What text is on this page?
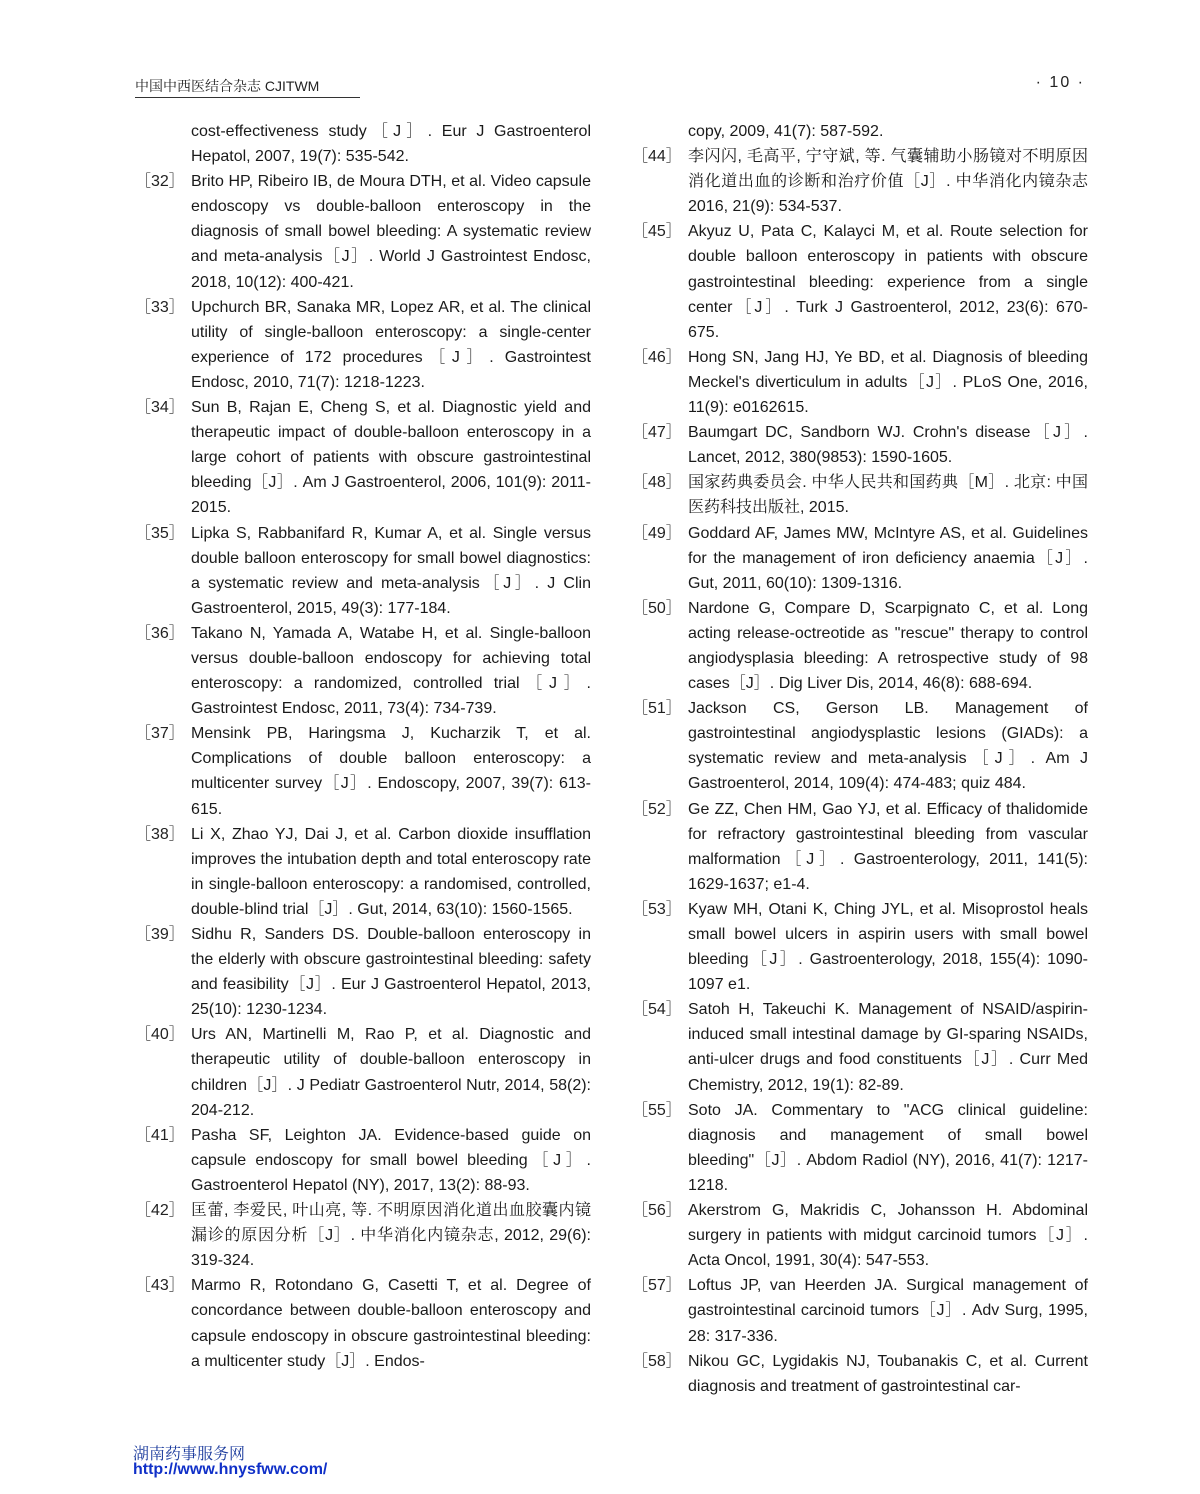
中国中西医结合杂志 CJITWM	· 10 ·
cost-effectiveness study［J］. Eur J Gastroenterol Hepatol, 2007, 19(7): 535-542.
［32］ Brito HP, Ribeiro IB, de Moura DTH, et al. Video capsule endoscopy vs double-balloon enteroscopy in the diagnosis of small bowel bleeding: A systematic review and meta-analysis［J］. World J Gastrointest Endosc, 2018, 10(12): 400-421.
［33］ Upchurch BR, Sanaka MR, Lopez AR, et al. The clinical utility of single-balloon enteroscopy: a single-center experience of 172 procedures［J］. Gastrointest Endosc, 2010, 71(7): 1218-1223.
［34］ Sun B, Rajan E, Cheng S, et al. Diagnostic yield and therapeutic impact of double-balloon enteroscopy in a large cohort of patients with obscure gastrointestinal bleeding［J］. Am J Gastroenterol, 2006, 101(9): 2011-2015.
［35］ Lipka S, Rabbanifard R, Kumar A, et al. Single versus double balloon enteroscopy for small bowel diagnostics: a systematic review and meta-analysis［J］. J Clin Gastroenterol, 2015, 49(3): 177-184.
［36］ Takano N, Yamada A, Watabe H, et al. Single-balloon versus double-balloon endoscopy for achieving total enteroscopy: a randomized, controlled trial［J］. Gastrointest Endosc, 2011, 73(4): 734-739.
［37］ Mensink PB, Haringsma J, Kucharzik T, et al. Complications of double balloon enteroscopy: a multicenter survey［J］. Endoscopy, 2007, 39(7): 613-615.
［38］ Li X, Zhao YJ, Dai J, et al. Carbon dioxide insufflation improves the intubation depth and total enteroscopy rate in single-balloon enteroscopy: a randomised, controlled, double-blind trial［J］. Gut, 2014, 63(10): 1560-1565.
［39］ Sidhu R, Sanders DS. Double-balloon enteroscopy in the elderly with obscure gastrointestinal bleeding: safety and feasibility［J］. Eur J Gastroenterol Hepatol, 2013, 25(10): 1230-1234.
［40］ Urs AN, Martinelli M, Rao P, et al. Diagnostic and therapeutic utility of double-balloon enteroscopy in children［J］. J Pediatr Gastroenterol Nutr, 2014, 58(2): 204-212.
［41］ Pasha SF, Leighton JA. Evidence-based guide on capsule endoscopy for small bowel bleeding［J］. Gastroenterol Hepatol (NY), 2017, 13(2): 88-93.
［42］ 匡蕾, 李爱民, 叶山亮, 等. 不明原因消化道出血胶囊内镜漏诊的原因分析［J］. 中华消化内镜杂志, 2012, 29(6): 319-324.
［43］ Marmo R, Rotondano G, Casetti T, et al. Degree of concordance between double-balloon enteroscopy and capsule endoscopy in obscure gastrointestinal bleeding: a multicenter study［J］. Endos-
copy, 2009, 41(7): 587-592.
［44］ 李闪闪, 毛高平, 宁守斌, 等. 气囊辅助小肠镜对不明原因消化道出血的诊断和治疗价值［J］. 中华消化内镜杂志 2016, 21(9): 534-537.
［45］ Akyuz U, Pata C, Kalayci M, et al. Route selection for double balloon enteroscopy in patients with obscure gastrointestinal bleeding: experience from a single center［J］. Turk J Gastroenterol, 2012, 23(6): 670-675.
［46］ Hong SN, Jang HJ, Ye BD, et al. Diagnosis of bleeding Meckel's diverticulum in adults［J］. PLoS One, 2016, 11(9): e0162615.
［47］ Baumgart DC, Sandborn WJ. Crohn's disease［J］. Lancet, 2012, 380(9853): 1590-1605.
［48］ 国家药典委员会. 中华人民共和国药典［M］. 北京: 中国医药科技出版社, 2015.
［49］ Goddard AF, James MW, McIntyre AS, et al. Guidelines for the management of iron deficiency anaemia［J］. Gut, 2011, 60(10): 1309-1316.
［50］ Nardone G, Compare D, Scarpignato C, et al. Long acting release-octreotide as "rescue" therapy to control angiodysplasia bleeding: A retrospective study of 98 cases［J］. Dig Liver Dis, 2014, 46(8): 688-694.
［51］ Jackson CS, Gerson LB. Management of gastrointestinal angiodysplastic lesions (GIADs): a systematic review and meta-analysis［J］. Am J Gastroenterol, 2014, 109(4): 474-483; quiz 484.
［52］ Ge ZZ, Chen HM, Gao YJ, et al. Efficacy of thalidomide for refractory gastrointestinal bleeding from vascular malformation［J］. Gastroenterology, 2011, 141(5): 1629-1637; e1-4.
［53］ Kyaw MH, Otani K, Ching JYL, et al. Misoprostol heals small bowel ulcers in aspirin users with small bowel bleeding［J］. Gastroenterology, 2018, 155(4): 1090-1097 e1.
［54］ Satoh H, Takeuchi K. Management of NSAID/aspirin-induced small intestinal damage by GI-sparing NSAIDs, anti-ulcer drugs and food constituents［J］. Curr Med Chemistry, 2012, 19(1): 82-89.
［55］ Soto JA. Commentary to "ACG clinical guideline: diagnosis and management of small bowel bleeding"［J］. Abdom Radiol (NY), 2016, 41(7): 1217-1218.
［56］ Akerstrom G, Makridis C, Johansson H. Abdominal surgery in patients with midgut carcinoid tumors［J］. Acta Oncol, 1991, 30(4): 547-553.
［57］ Loftus JP, van Heerden JA. Surgical management of gastrointestinal carcinoid tumors［J］. Adv Surg, 1995, 28: 317-336.
［58］ Nikou GC, Lygidakis NJ, Toubanakis C, et al. Current diagnosis and treatment of gastrointestinal car-
湖南药事服务网
http://www.hnysfww.com/
